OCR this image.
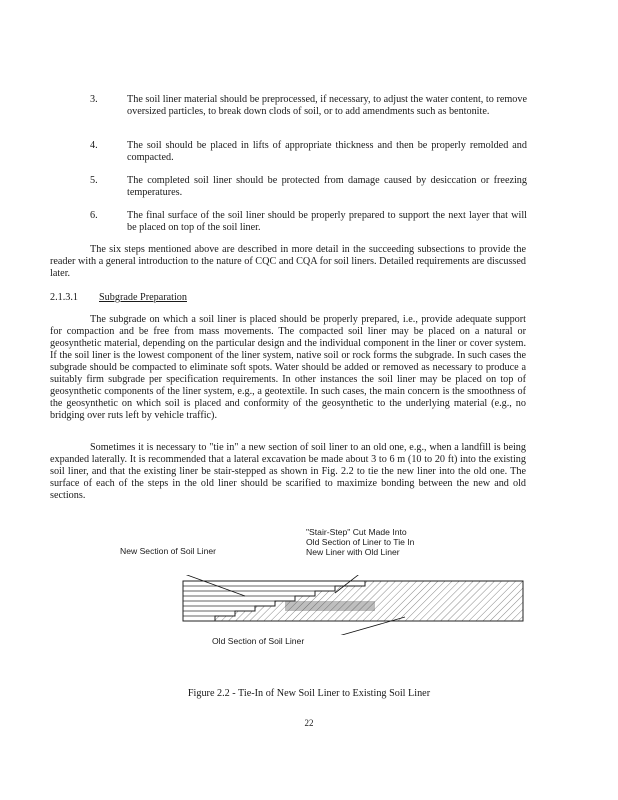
3.	The soil liner material should be preprocessed, if necessary, to adjust the water content, to remove oversized particles, to break down clods of soil, or to add amendments such as bentonite.
4.	The soil should be placed in lifts of appropriate thickness and then be properly remolded and compacted.
5.	The completed soil liner should be protected from damage caused by desiccation or freezing temperatures.
6.	The final surface of the soil liner should be properly prepared to support the next layer that will be placed on top of the soil liner.
The six steps mentioned above are described in more detail in the succeeding subsections to provide the reader with a general introduction to the nature of CQC and CQA for soil liners. Detailed requirements are discussed later.
2.1.3.1 Subgrade Preparation
The subgrade on which a soil liner is placed should be properly prepared, i.e., provide adequate support for compaction and be free from mass movements. The compacted soil liner may be placed on a natural or geosynthetic material, depending on the particular design and the individual component in the liner or cover system. If the soil liner is the lowest component of the liner system, native soil or rock forms the subgrade. In such cases the subgrade should be compacted to eliminate soft spots. Water should be added or removed as necessary to produce a suitably firm subgrade per specification requirements. In other instances the soil liner may be placed on top of geosynthetic components of the liner system, e.g., a geotextile. In such cases, the main concern is the smoothness of the geosynthetic on which soil is placed and conformity of the geosynthetic to the underlying material (e.g., no bridging over ruts left by vehicle traffic).
Sometimes it is necessary to "tie in" a new section of soil liner to an old one, e.g., when a landfill is being expanded laterally. It is recommended that a lateral excavation be made about 3 to 6 m (10 to 20 ft) into the existing soil liner, and that the existing liner be stair-stepped as shown in Fig. 2.2 to tie the new liner into the old one. The surface of each of the steps in the old liner should be scarified to maximize bonding between the new and old sections.
New Section of Soil Liner
"Stair-Step" Cut Made Into
Old Section of Liner to Tie In
New Liner with Old Liner
Old Section of Soil Liner
Figure 2.2 - Tie-In of New Soil Liner to Existing Soil Liner
22
